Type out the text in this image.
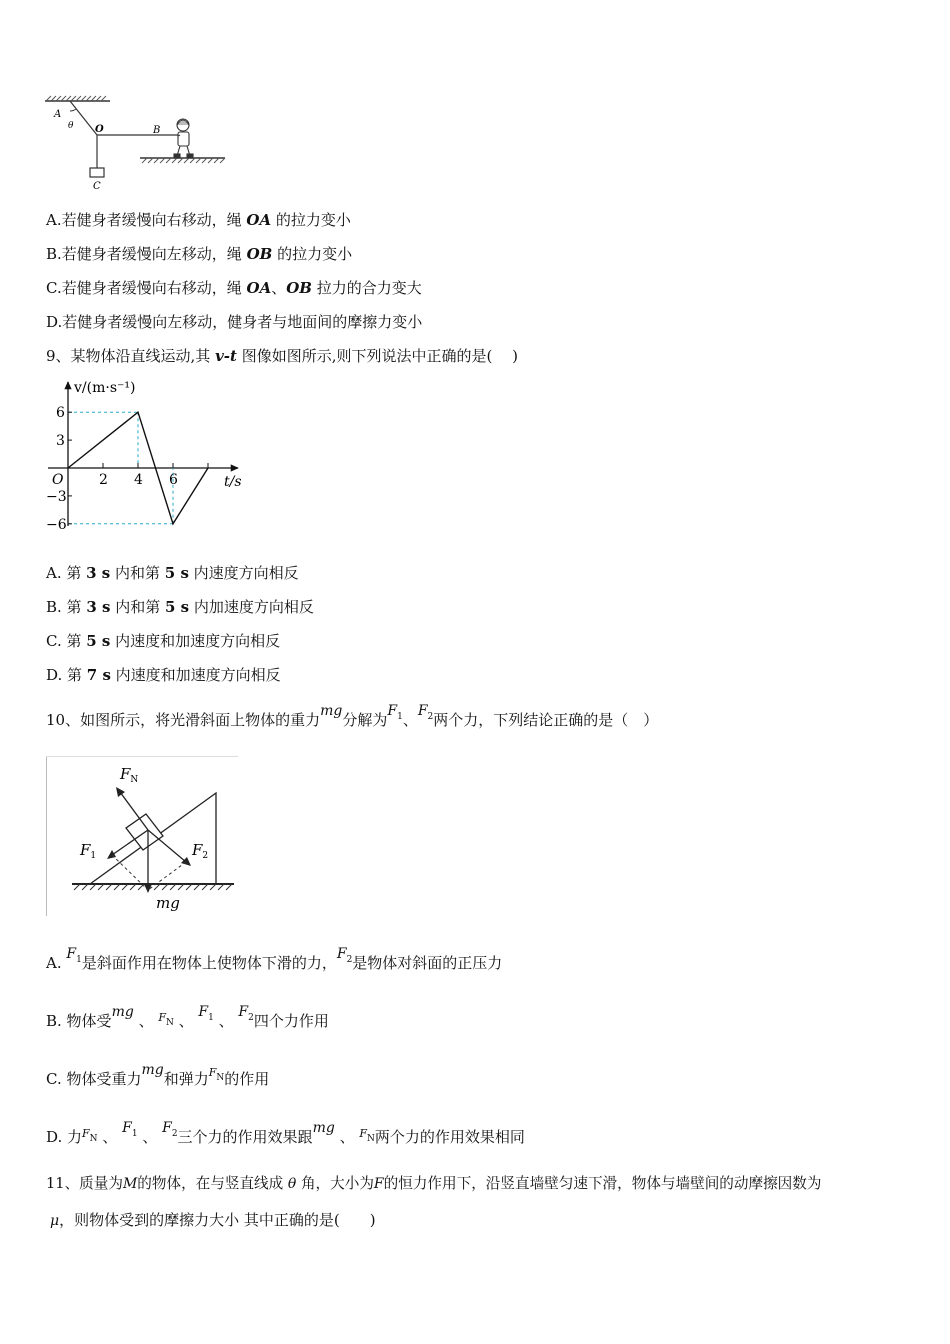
A
θ O	B
C
A.若健身者缓慢向右移动，绳 OA 的拉力变小
B.若健身者缓慢向左移动，绳 OB 的拉力变小
C.若健身者缓慢向右移动，绳 OA、OB 拉力的合力变大
D.若健身者缓慢向左移动，健身者与地面间的摩擦力变小
9、某物体沿直线运动,其 v-t 图像如图所示,则下列说法中正确的是(　 )
2 4 6
6
3
−3
−6
v/(m·s⁻¹)
t/s
O
A. 第 3 s 内和第 5 s 内速度方向相反
B. 第 3 s 内和第 5 s 内加速度方向相反
C. 第 5 s 内速度和加速度方向相反
D. 第 7 s 内速度和加速度方向相反
10、如图所示，将光滑斜面上物体的重力mg分解为$F_1$、$F_2$两个力，下列结论正确的是（　）
$F_N$
$F_1$	$F_2$
mg
A. $F_1$是斜面作用在物体上使物体下滑的力，$F_2$是物体对斜面的正压力
B. 物体受mg 、 $^{F_N}$ 、 $F_1$ 、 $F_2$四个力作用
C. 物体受重力mg和弹力$^{F_N}$的作用
D. 力$^{F_N}$ 、 $F_1$ 、 $F_2$三个力的作用效果跟mg 、 $^{F_N}$两个力的作用效果相同
11、质量为M的物体，在与竖直线成 θ 角，大小为F的恒力作用下，沿竖直墙壁匀速下滑，物体与墙壁间的动摩擦因数为
μ，则物体受到的摩擦力大小 其中正确的是(　　)
